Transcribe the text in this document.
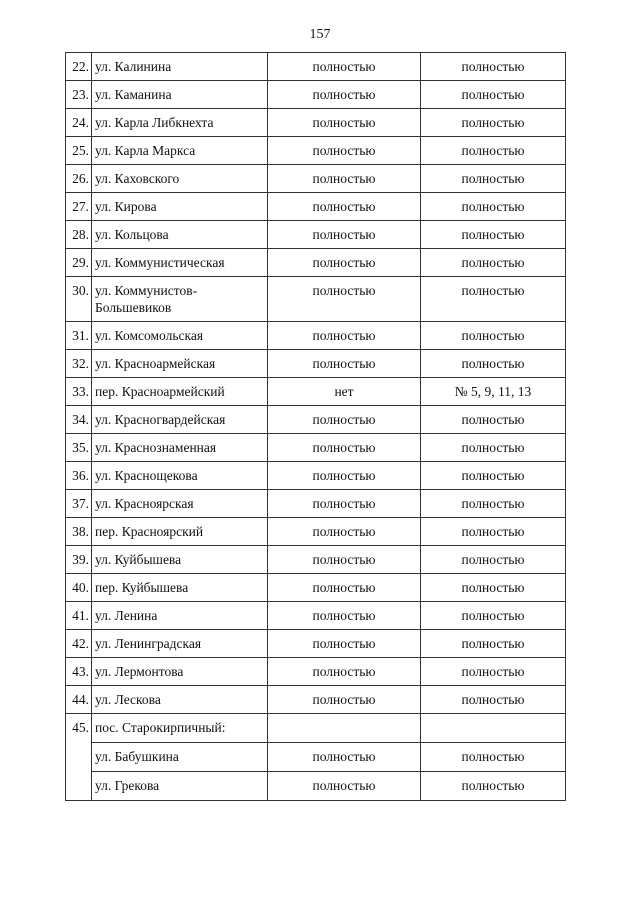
157
22.	ул. Калинина	полностью	полностью
23.	ул. Каманина	полностью	полностью
24.	ул. Карла Либкнехта	полностью	полностью
25.	ул. Карла Маркса	полностью	полностью
26.	ул. Каховского	полностью	полностью
27.	ул. Кирова	полностью	полностью
28.	ул. Кольцова	полностью	полностью
29.	ул. Коммунистическая	полностью	полностью
30.	ул. Коммунистов-
Большевиков	полностью	полностью
31.	ул. Комсомольская	полностью	полностью
32.	ул. Красноармейская	полностью	полностью
33.	пер. Красноармейский	нет	№ 5, 9, 11, 13
34.	ул. Красногвардейская	полностью	полностью
35.	ул. Краснознаменная	полностью	полностью
36.	ул. Краснощекова	полностью	полностью
37.	ул. Красноярская	полностью	полностью
38.	пер. Красноярский	полностью	полностью
39.	ул. Куйбышева	полностью	полностью
40.	пер. Куйбышева	полностью	полностью
41.	ул. Ленина	полностью	полностью
42.	ул. Ленинградская	полностью	полностью
43.	ул. Лермонтова	полностью	полностью
44.	ул. Лескова	полностью	полностью
45.	пос. Старокирпичный:		
	ул. Бабушкина	полностью	полностью
	ул. Грекова	полностью	полностью
